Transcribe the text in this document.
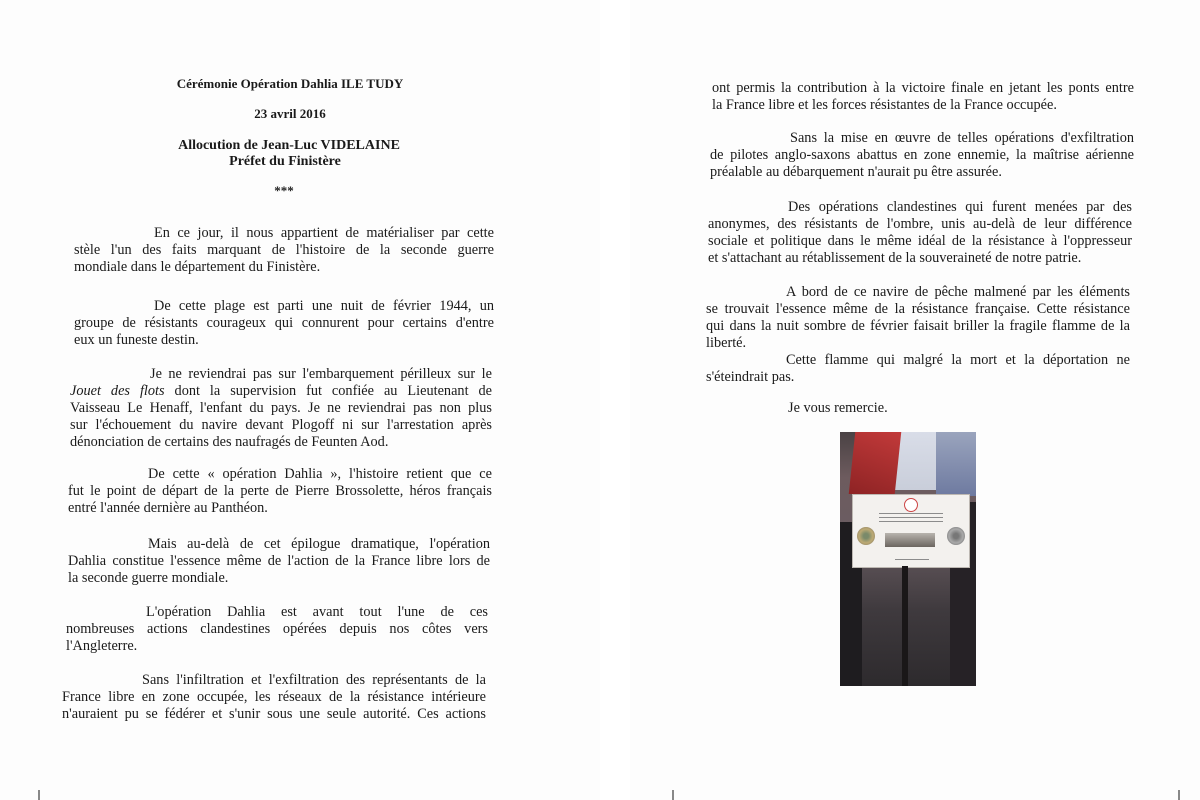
Cérémonie Opération Dahlia ILE TUDY
23 avril 2016
Allocution de Jean-Luc VIDELAINE
Préfet du Finistère
***
En ce jour, il nous appartient de matérialiser par cette
stèle l'un des faits marquant de l'histoire de la seconde guerre
mondiale dans le département du Finistère.
De cette plage est parti une nuit de février 1944, un
groupe de résistants courageux qui connurent pour certains d'entre
eux un funeste destin.
Je ne reviendrai pas sur l'embarquement périlleux sur le
Jouet des flots dont la supervision fut confiée au Lieutenant de
Vaisseau Le Henaff, l'enfant du pays. Je ne reviendrai pas non plus
sur l'échouement du navire devant Plogoff ni sur l'arrestation après
dénonciation de certains des naufragés de Feunten Aod.
De cette « opération Dahlia », l'histoire retient que ce
fut le point de départ de la perte de Pierre Brossolette, héros français
entré l'année dernière au Panthéon.
Mais au-delà de cet épilogue dramatique, l'opération
Dahlia constitue l'essence même de l'action de la France libre lors de
la seconde guerre mondiale.
L'opération Dahlia est avant tout l'une de ces
nombreuses actions clandestines opérées depuis nos côtes vers
l'Angleterre.
Sans l'infiltration et l'exfiltration des représentants de la
France libre en zone occupée, les réseaux de la résistance intérieure
n'auraient pu se fédérer et s'unir sous une seule autorité. Ces actions
ont permis la contribution à la victoire finale en jetant les ponts entre
la France libre et les forces résistantes de la France occupée.
Sans la mise en œuvre de telles opérations d'exfiltration
de pilotes anglo-saxons abattus en zone ennemie, la maîtrise aérienne
préalable au débarquement n'aurait pu être assurée.
Des opérations clandestines qui furent menées par des
anonymes, des résistants de l'ombre, unis au-delà de leur différence
sociale et politique dans le même idéal de la résistance à l'oppresseur
et s'attachant au rétablissement de la souveraineté de notre patrie.
A bord de ce navire de pêche malmené par les éléments
se trouvait l'essence même de la résistance française. Cette résistance
qui dans la nuit sombre de février faisait briller la fragile flamme de la
liberté.
Cette flamme qui malgré la mort et la déportation ne
s'éteindrait pas.
Je vous remercie.
